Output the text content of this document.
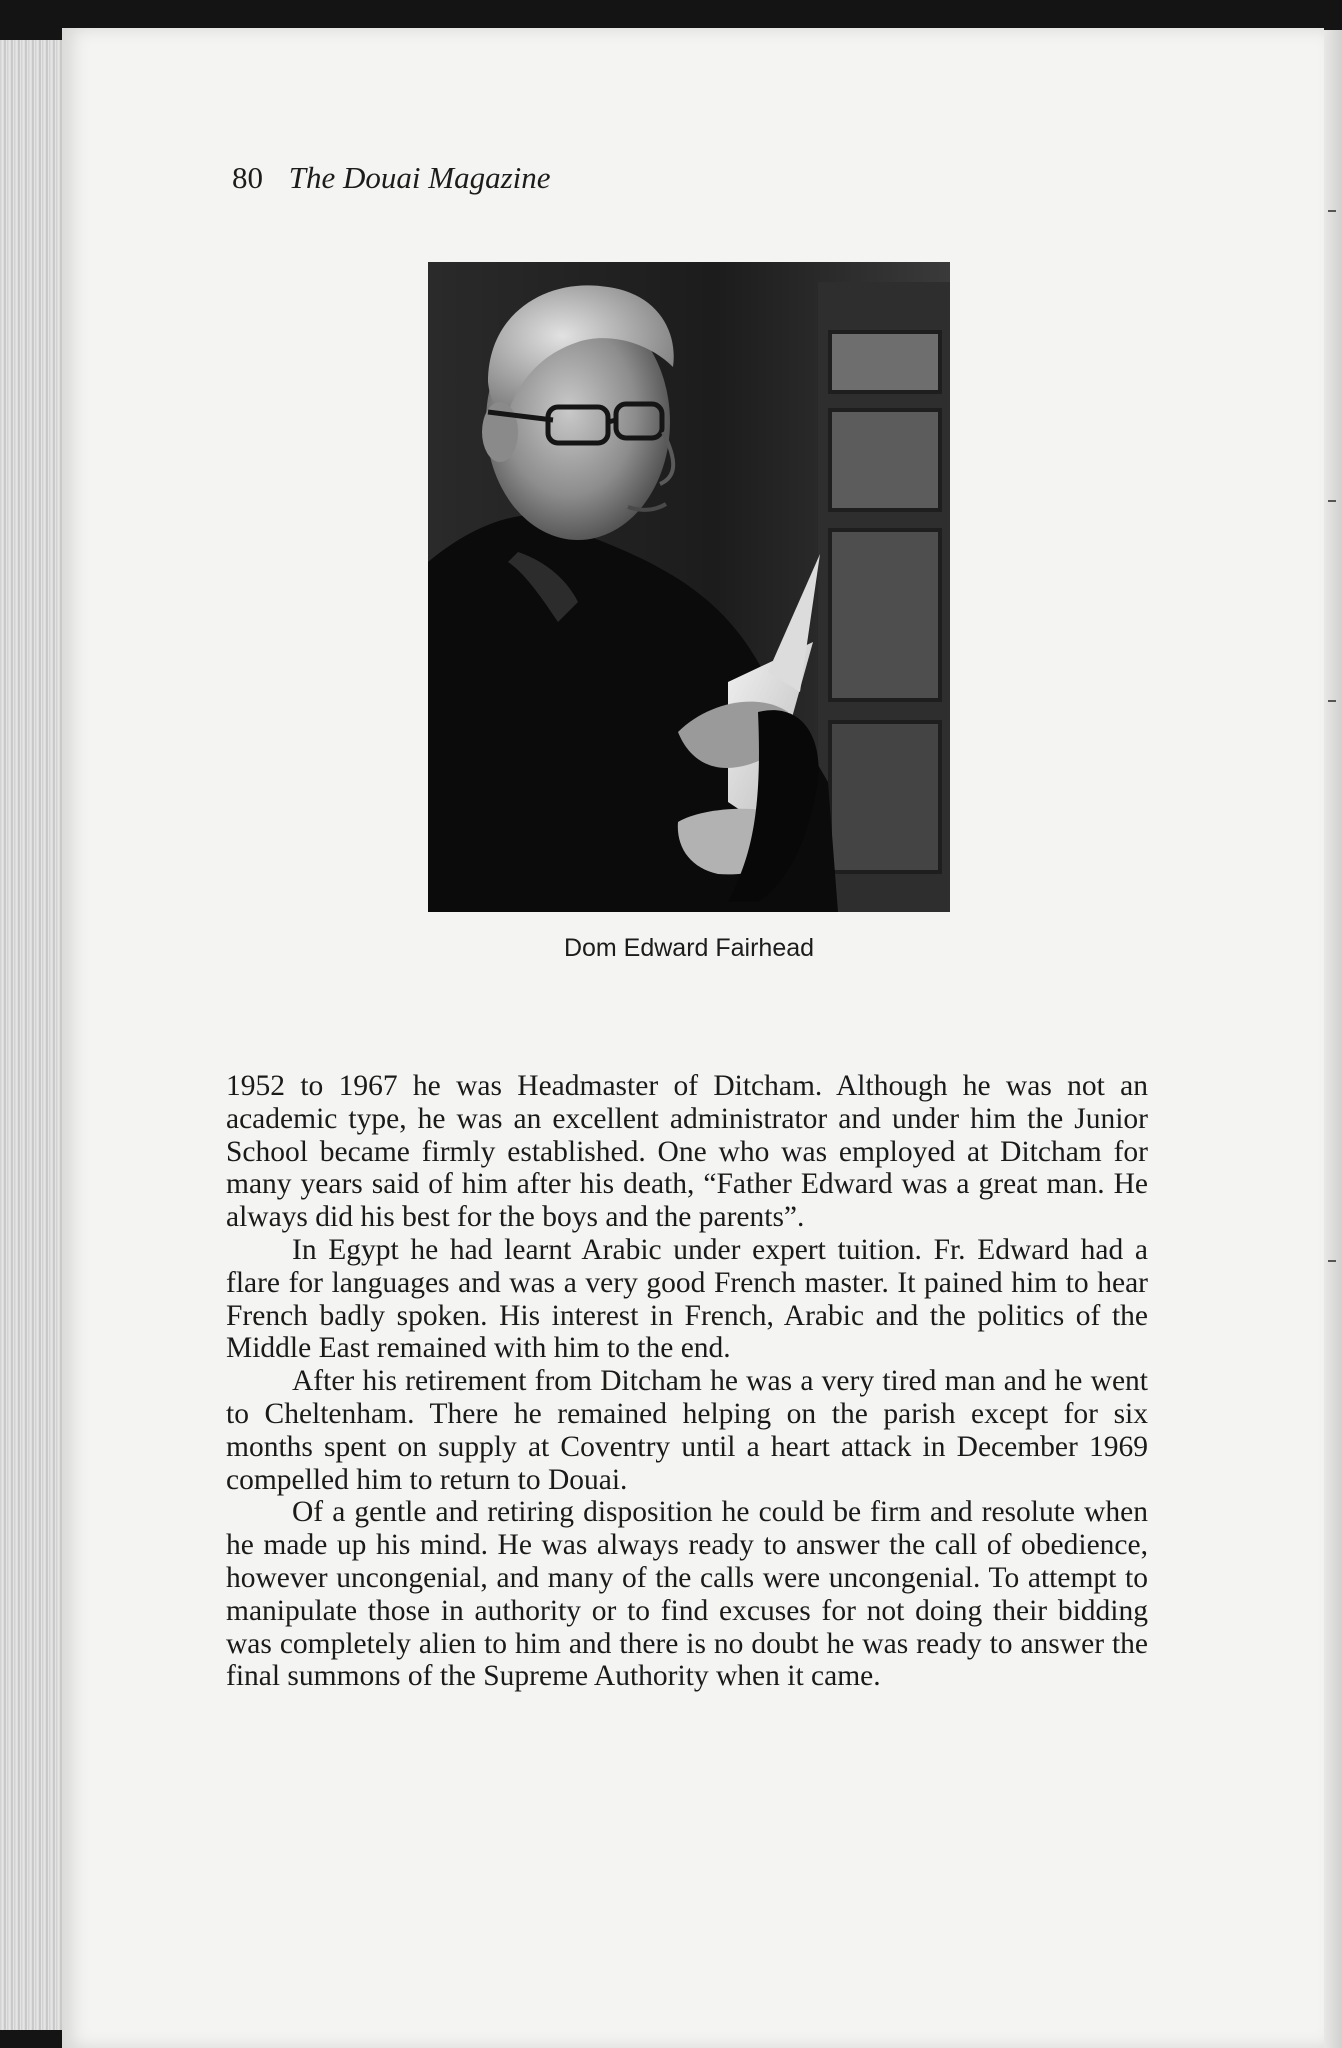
80 The Douai Magazine
Dom Edward Fairhead

1952 to 1967 he was Headmaster of Ditcham. Although he was not an academic type, he was an excellent administrator and under him the Junior School became firmly established. One who was employed at Ditcham for many years said of him after his death, “Father Edward was a great man. He always did his best for the boys and the parents”.

In Egypt he had learnt Arabic under expert tuition. Fr. Edward had a flare for languages and was a very good French master. It pained him to hear French badly spoken. His interest in French, Arabic and the politics of the Middle East remained with him to the end.

After his retirement from Ditcham he was a very tired man and he went to Cheltenham. There he remained helping on the parish except for six months spent on supply at Coventry until a heart attack in December 1969 compelled him to return to Douai.

Of a gentle and retiring disposition he could be firm and resolute when he made up his mind. He was always ready to answer the call of obedience, however uncongenial, and many of the calls were uncongenial. To attempt to manipulate those in authority or to find excuses for not doing their bidding was completely alien to him and there is no doubt he was ready to answer the final summons of the Supreme Authority when it came.
